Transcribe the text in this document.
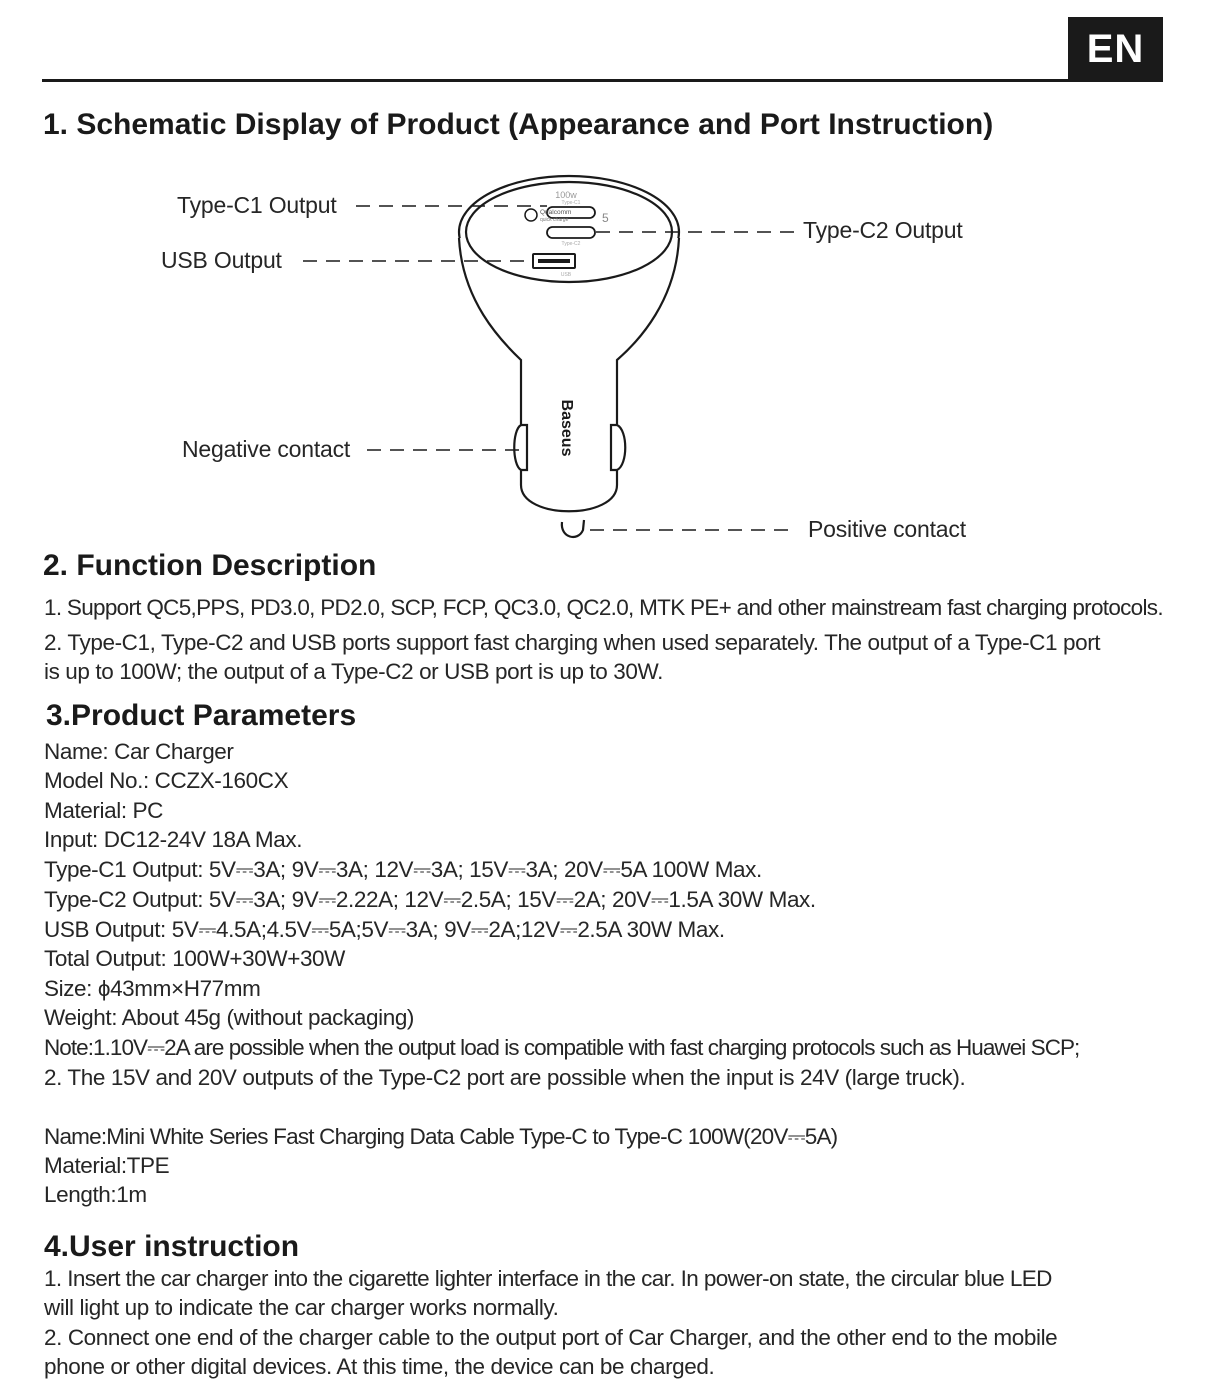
EN
1. Schematic Display of Product (Appearance and Port Instruction)
100w
Qualcomm
quick charge	5
Type-C1
Type-C2
USB
Baseus
Type-C1 Output
USB Output
Type-C2 Output
Negative contact
Positive contact
2. Function Description
1. Support QC5,PPS, PD3.0, PD2.0, SCP, FCP, QC3.0, QC2.0, MTK PE+ and other mainstream fast charging protocols.
2. Type-C1, Type-C2 and USB ports support fast charging when used separately. The output of a Type-C1 port
is up to 100W; the output of a Type-C2 or USB port is up to 30W.
3.Product Parameters
Name: Car Charger
Model No.: CCZX-160CX
Material: PC
Input: DC12-24V 18A Max.
Type-C1 Output: 5V⎓3A; 9V⎓3A; 12V⎓3A; 15V⎓3A; 20V⎓5A 100W Max.
Type-C2 Output: 5V⎓3A; 9V⎓2.22A; 12V⎓2.5A; 15V⎓2A; 20V⎓1.5A 30W Max.
USB Output: 5V⎓4.5A;4.5V⎓5A;5V⎓3A; 9V⎓2A;12V⎓2.5A 30W Max.
Total Output: 100W+30W+30W
Size: ϕ43mm×H77mm
Weight: About 45g (without packaging)
Note:1.10V⎓2A are possible when the output load is compatible with fast charging protocols such as Huawei SCP;
2. The 15V and 20V outputs of the Type-C2 port are possible when the input is 24V (large truck).
Name:Mini White Series Fast Charging Data Cable Type-C to Type-C 100W(20V⎓5A)
Material:TPE
Length:1m
4.User instruction
1. Insert the car charger into the cigarette lighter interface in the car. In power-on state, the circular blue LED
will light up to indicate the car charger works normally.
2. Connect one end of the charger cable to the output port of Car Charger, and the other end to the mobile
phone or other digital devices. At this time, the device can be charged.
